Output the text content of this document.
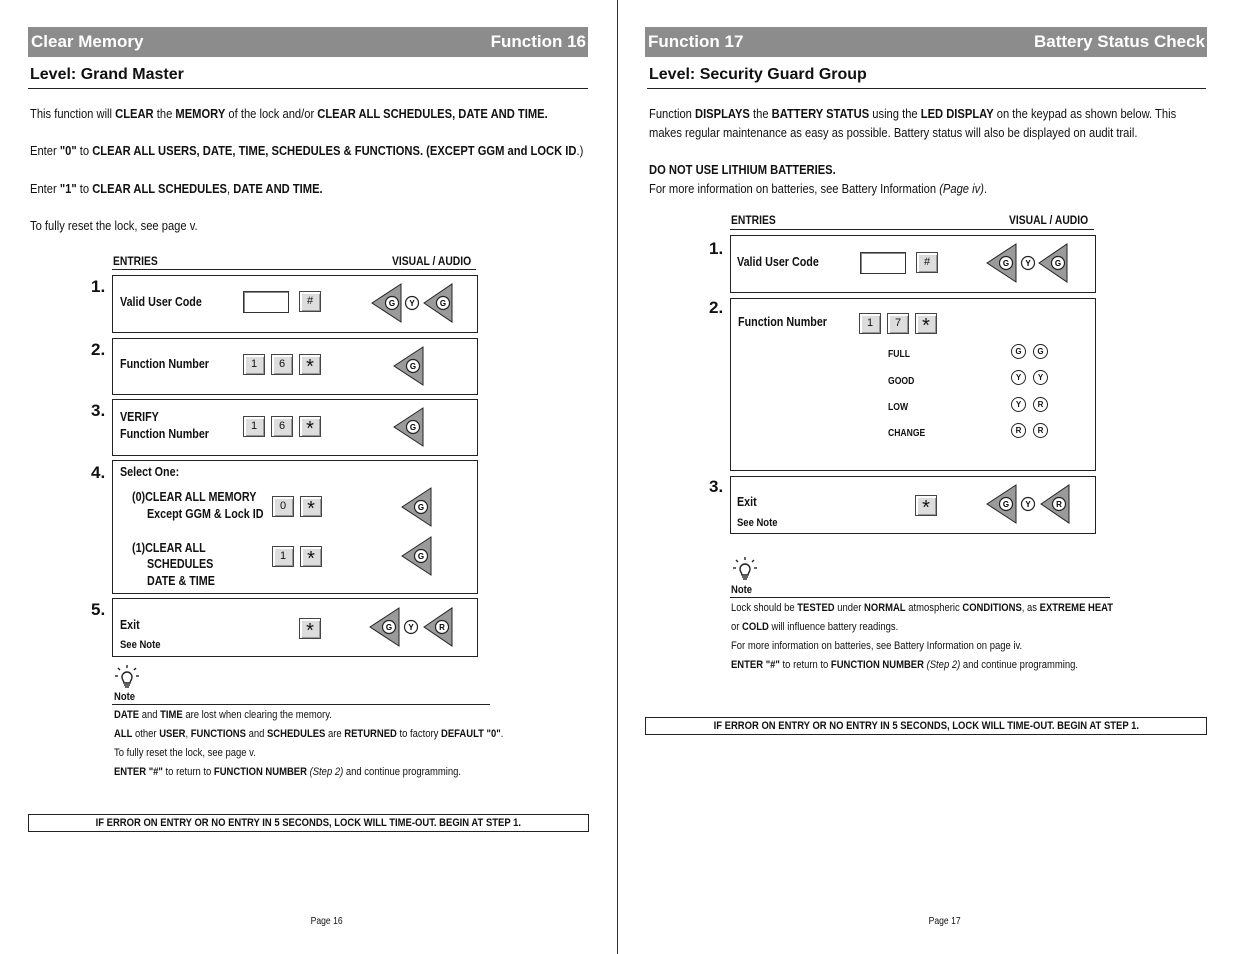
Clear Memory	Function 16
Level: Grand Master
This function will CLEAR the MEMORY of the lock and/or CLEAR ALL SCHEDULES, DATE AND TIME.
Enter "0" to CLEAR ALL USERS, DATE, TIME, SCHEDULES & FUNCTIONS. (EXCEPT GGM and LOCK ID.)
Enter "1" to CLEAR ALL SCHEDULES, DATE AND TIME.
To fully reset the lock, see page v.
ENTRIES	VISUAL / AUDIO
1.
Valid User Code	#	G Y	G
2.
Function Number	1	6	*	G
3. VERIFY
Function Number
1	6	*	G
4. Select One:
(0)CLEAR ALL MEMORY
Except GGM & Lock ID
0	*	G
(1)CLEAR ALL
SCHEDULES
DATE & TIME
1	*	G
5.
Exit
See Note
*	G Y	R
Note
DATE and TIME are lost when clearing the memory.
ALL other USER, FUNCTIONS and SCHEDULES are RETURNED to factory DEFAULT "0".
To fully reset the lock, see page v.
ENTER "#" to return to FUNCTION NUMBER (Step 2) and continue programming.
IF ERROR ON ENTRY OR NO ENTRY IN 5 SECONDS, LOCK WILL TIME-OUT. BEGIN AT STEP 1.
Page 16
Function 17	Battery Status Check
Level: Security Guard Group
Function DISPLAYS the BATTERY STATUS using the LED DISPLAY on the keypad as shown below. This
makes regular maintenance as easy as possible. Battery status will also be displayed on audit trail.
DO NOT USE LITHIUM BATTERIES.
For more information on batteries, see Battery Information (Page iv).
ENTRIES	VISUAL / AUDIO
1.
Valid User Code	#	G Y	G
2.
Function Number	1	7	*
FULL	G	G
GOOD	Y	Y
LOW	Y	R
CHANGE	R	R
3.
Exit
See Note
*	G Y	R
Note
Lock should be TESTED under NORMAL atmospheric CONDITIONS, as EXTREME HEAT
or COLD will influence battery readings.
For more information on batteries, see Battery Information on page iv.
ENTER "#" to return to FUNCTION NUMBER (Step 2) and continue programming.
IF ERROR ON ENTRY OR NO ENTRY IN 5 SECONDS, LOCK WILL TIME-OUT. BEGIN AT STEP 1.
Page 17
